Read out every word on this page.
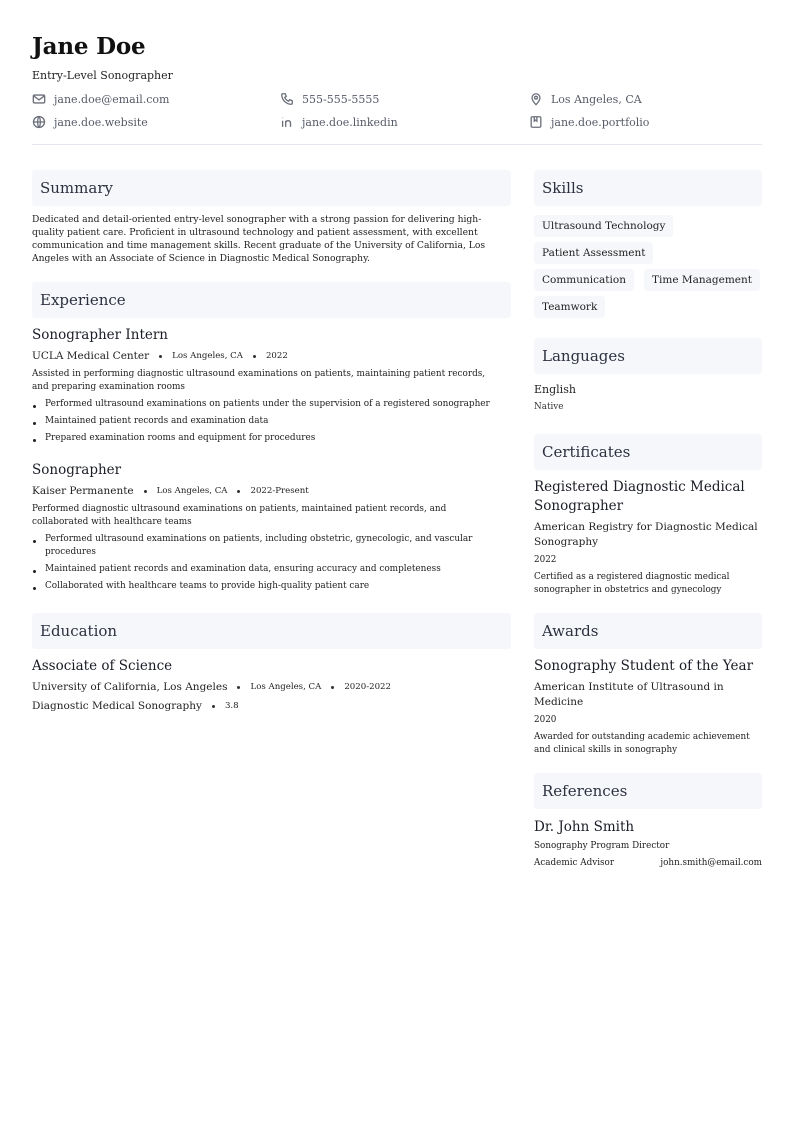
Jane Doe
Entry-Level Sonographer
jane.doe@email.com	555-555-5555	Los Angeles, CA
jane.doe.website	jane.doe.linkedin	jane.doe.portfolio
Summary
Dedicated and detail-oriented entry-level sonographer with a strong passion for delivering high-quality patient care. Proficient in ultrasound technology and patient assessment, with excellent communication and time management skills. Recent graduate of the University of California, Los Angeles with an Associate of Science in Diagnostic Medical Sonography.
Experience
Sonographer Intern
UCLA Medical Center	Los Angeles, CA	2022
Assisted in performing diagnostic ultrasound examinations on patients, maintaining patient records, and preparing examination rooms
Performed ultrasound examinations on patients under the supervision of a registered sonographer
Maintained patient records and examination data
Prepared examination rooms and equipment for procedures
Sonographer
Kaiser Permanente	Los Angeles, CA	2022-Present
Performed diagnostic ultrasound examinations on patients, maintained patient records, and collaborated with healthcare teams
Performed ultrasound examinations on patients, including obstetric, gynecologic, and vascular procedures
Maintained patient records and examination data, ensuring accuracy and completeness
Collaborated with healthcare teams to provide high-quality patient care
Education
Associate of Science
University of California, Los Angeles	Los Angeles, CA	2020-2022
Diagnostic Medical Sonography	3.8
Skills
Ultrasound Technology
Patient Assessment
Communication	Time Management
Teamwork
Languages
English
Native
Certificates
Registered Diagnostic Medical Sonographer
American Registry for Diagnostic Medical Sonography
2022
Certified as a registered diagnostic medical sonographer in obstetrics and gynecology
Awards
Sonography Student of the Year
American Institute of Ultrasound in Medicine
2020
Awarded for outstanding academic achievement and clinical skills in sonography
References
Dr. John Smith
Sonography Program Director
Academic Advisor	john.smith@email.com
